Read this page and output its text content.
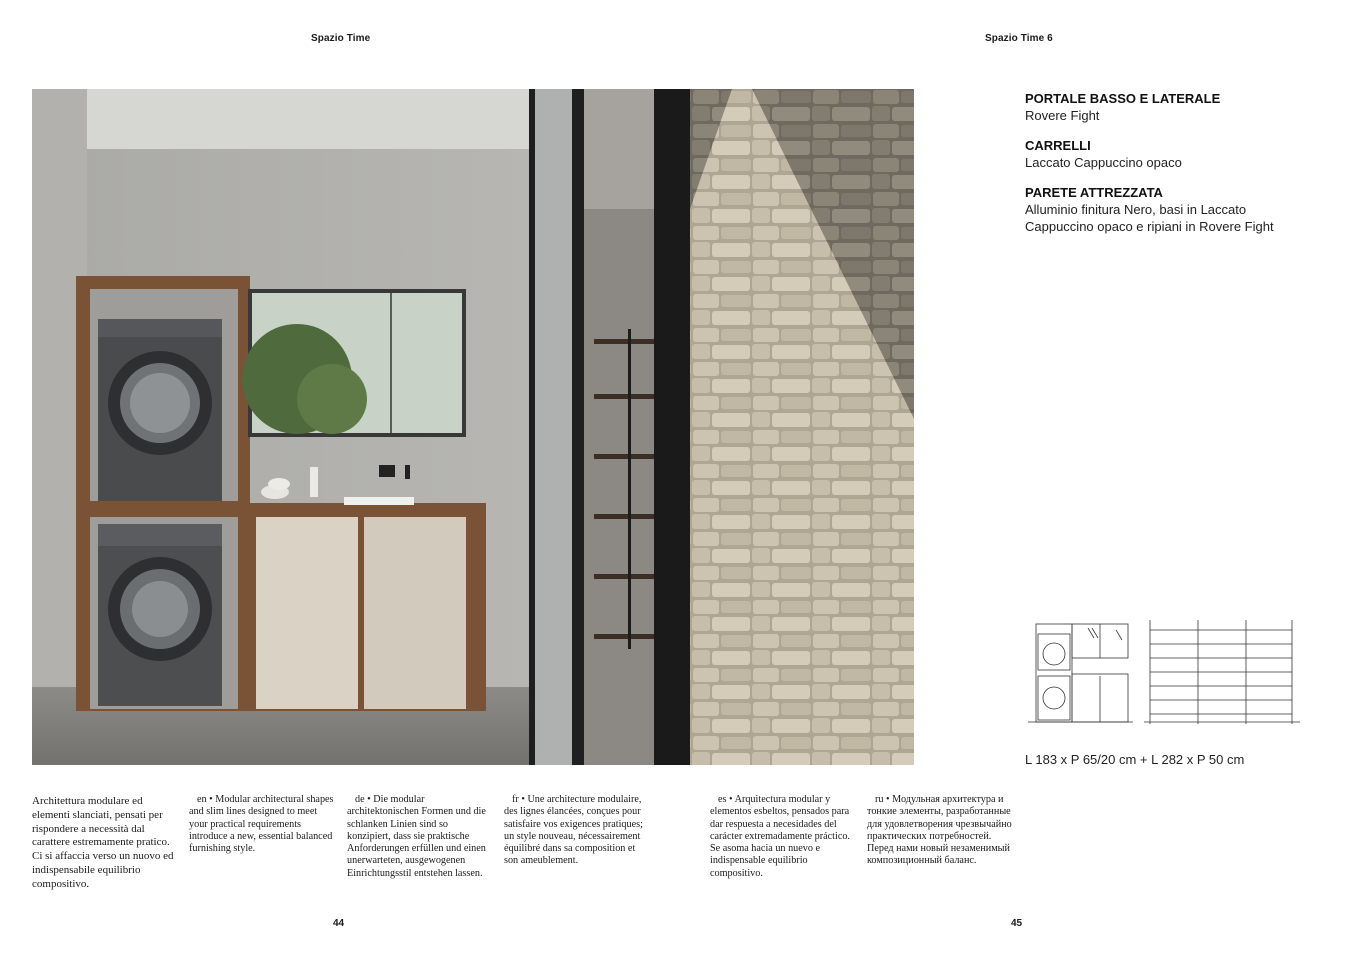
Spazio Time	Spazio Time 6
PORTALE BASSO E LATERALE
Rovere Fight
CARRELLI
Laccato Cappuccino opaco
PARETE ATTREZZATA
Alluminio finitura Nero, basi in Laccato Cappuccino opaco e ripiani in Rovere Fight
L 183 x P 65/20 cm + L 282 x P 50 cm
Architettura modulare ed elementi slanciati, pensati per rispondere a necessità dal carattere estremamente pratico. Ci si affaccia verso un nuovo ed indispensabile equilibrio compositivo.
en • Modular architectural shapes and slim lines designed to meet your practical requirements introduce a new, essential balanced furnishing style.
de • Die modular architektonischen Formen und die schlanken Linien sind so konzipiert, dass sie praktische Anforderungen erfüllen und einen unerwarteten, ausgewogenen Einrichtungsstil entstehen lassen.
fr • Une architecture modulaire, des lignes élancées, conçues pour satisfaire vos exigences pratiques; un style nouveau, nécessairement équilibré dans sa composition et son ameublement.
es • Arquitectura modular y elementos esbeltos, pensados para dar respuesta a necesidades del carácter extremadamente práctico. Se asoma hacia un nuevo e indispensable equilibrio compositivo.
ru • Модульная архитектура и тонкие элементы, разработанные для удовлетворения чрезвычайно практических потребностей. Перед нами новый незаменимый композиционный баланс.
44	45
